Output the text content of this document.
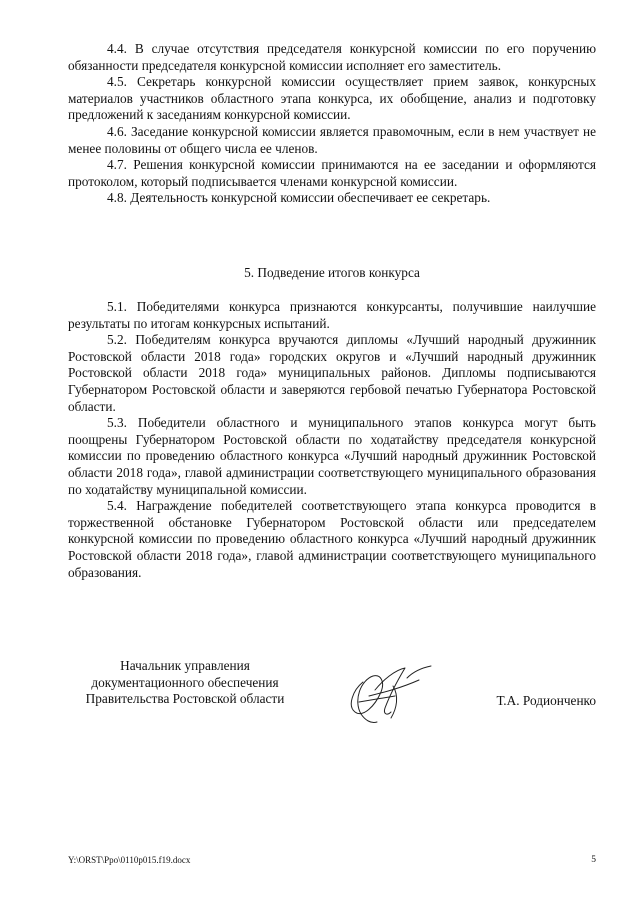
4.4. В случае отсутствия председателя конкурсной комиссии по его поручению обязанности председателя конкурсной комиссии исполняет его заместитель.

4.5. Секретарь конкурсной комиссии осуществляет прием заявок, конкурсных материалов участников областного этапа конкурса, их обобщение, анализ и подготовку предложений к заседаниям конкурсной комиссии.

4.6. Заседание конкурсной комиссии является правомочным, если в нем участвует не менее половины от общего числа ее членов.

4.7. Решения конкурсной комиссии принимаются на ее заседании и оформляются протоколом, который подписывается членами конкурсной комиссии.

4.8. Деятельность конкурсной комиссии обеспечивает ее секретарь.

5. Подведение итогов конкурса

5.1. Победителями конкурса признаются конкурсанты, получившие наилучшие результаты по итогам конкурсных испытаний.

5.2. Победителям конкурса вручаются дипломы «Лучший народный дружинник Ростовской области 2018 года» городских округов и «Лучший народный дружинник Ростовской области 2018 года» муниципальных районов. Дипломы подписываются Губернатором Ростовской области и заверяются гербовой печатью Губернатора Ростовской области.

5.3. Победители областного и муниципального этапов конкурса могут быть поощрены Губернатором Ростовской области по ходатайству председателя конкурсной комиссии по проведению областного конкурса «Лучший народный дружинник Ростовской области 2018 года», главой администрации соответствующего муниципального образования по ходатайству муниципальной комиссии.

5.4. Награждение победителей соответствующего этапа конкурса проводится в торжественной обстановке Губернатором Ростовской области или председателем конкурсной комиссии по проведению областного конкурса «Лучший народный дружинник Ростовской области 2018 года», главой администрации соответствующего муниципального образования.

Начальник управления
документационного обеспечения
Правительства Ростовской области	Т.А. Родионченко
Y:\ORST\Ppo\0110p015.f19.docx	5
